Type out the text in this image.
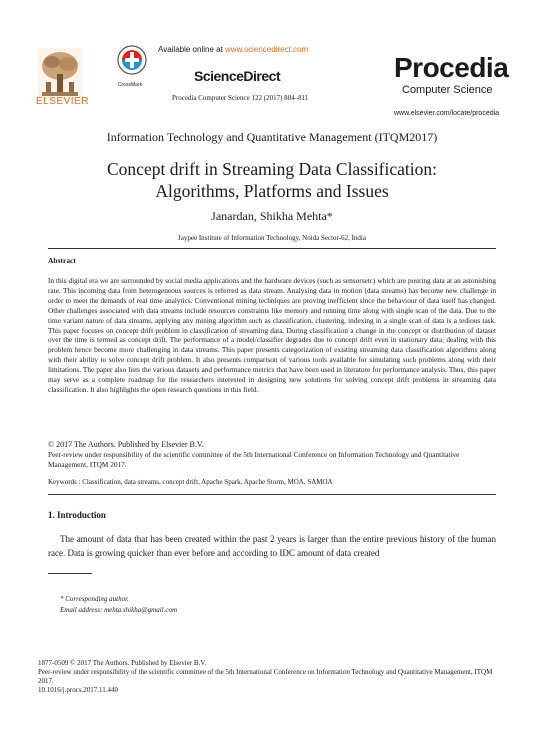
ELSEVIER
CrossMark
Available online at www.sciencedirect.com
ScienceDirect
Procedia Computer Science 122 (2017) 804–811
Procedia
Computer Science
www.elsevier.com/locate/procedia
Information Technology and Quantitative Management (ITQM2017)
Concept drift in Streaming Data Classification: Algorithms, Platforms and Issues
Janardan, Shikha Mehta*
Jaypee Institute of Information Technology, Noida Sector-62, India
Abstract
In this digital era we are surrounded by social media applications and the hardware devices (such as sensorsetc) which are pouring data at an astonishing rate. This incoming data from heterogeneous sources is referred as data stream. Analysing data in motion (data streams) has become new challenge in order to meet the demands of real time analytics. Conventional mining techniques are proving inefficient since the behaviour of data itself has changed. Other challenges associated with data streams include resources constraints like memory and running time along with single scan of the data. Due to the time variant nature of data streams, applying any mining algorithm such as classification, clustering, indexing in a single scan of data is a tedious task. This paper focuses on concept drift problem in classification of streaming data. During classification a change in the concept or distribution of dataset over the time is termed as concept drift. The performance of a model/classifier degrades due to concept drift even in stationary data; dealing with this problem hence become more challenging in data streams. This paper presents categorization of existing streaming data classification algorithms along with their ability to solve concept drift problem. It also presents comparison of various tools available for simulating such problems along with their limitations. The paper also lists the various datasets and performance metrics that have been used in literature for performance analysis. Thus, this paper may serve as a complete roadmap for the researchers interested in designing new solutions for solving concept drift problems in streaming data classification. It also highlights the open research questions in this field.
© 2017 The Authors. Published by Elsevier B.V.
Peer-review under responsibility of the scientific committee of the 5th International Conference on Information Technology and Quantitative Management, ITQM 2017.
Keywords : Classification, data streams, concept drift, Apache Spark, Apache Storm, MOA, SAMOA
1. Introduction
The amount of data that has been created within the past 2 years is larger than the entire previous history of the human race. Data is growing quicker than ever before and according to IDC amount of data created
* Corresponding author.
Email address: mehta.shikha@gmail.com
1877-0509 © 2017 The Authors. Published by Elsevier B.V.
Peer-review under responsibility of the scientific committee of the 5th International Conference on Information Technology and Quantitative Management, ITQM 2017.
10.1016/j.procs.2017.11.440
